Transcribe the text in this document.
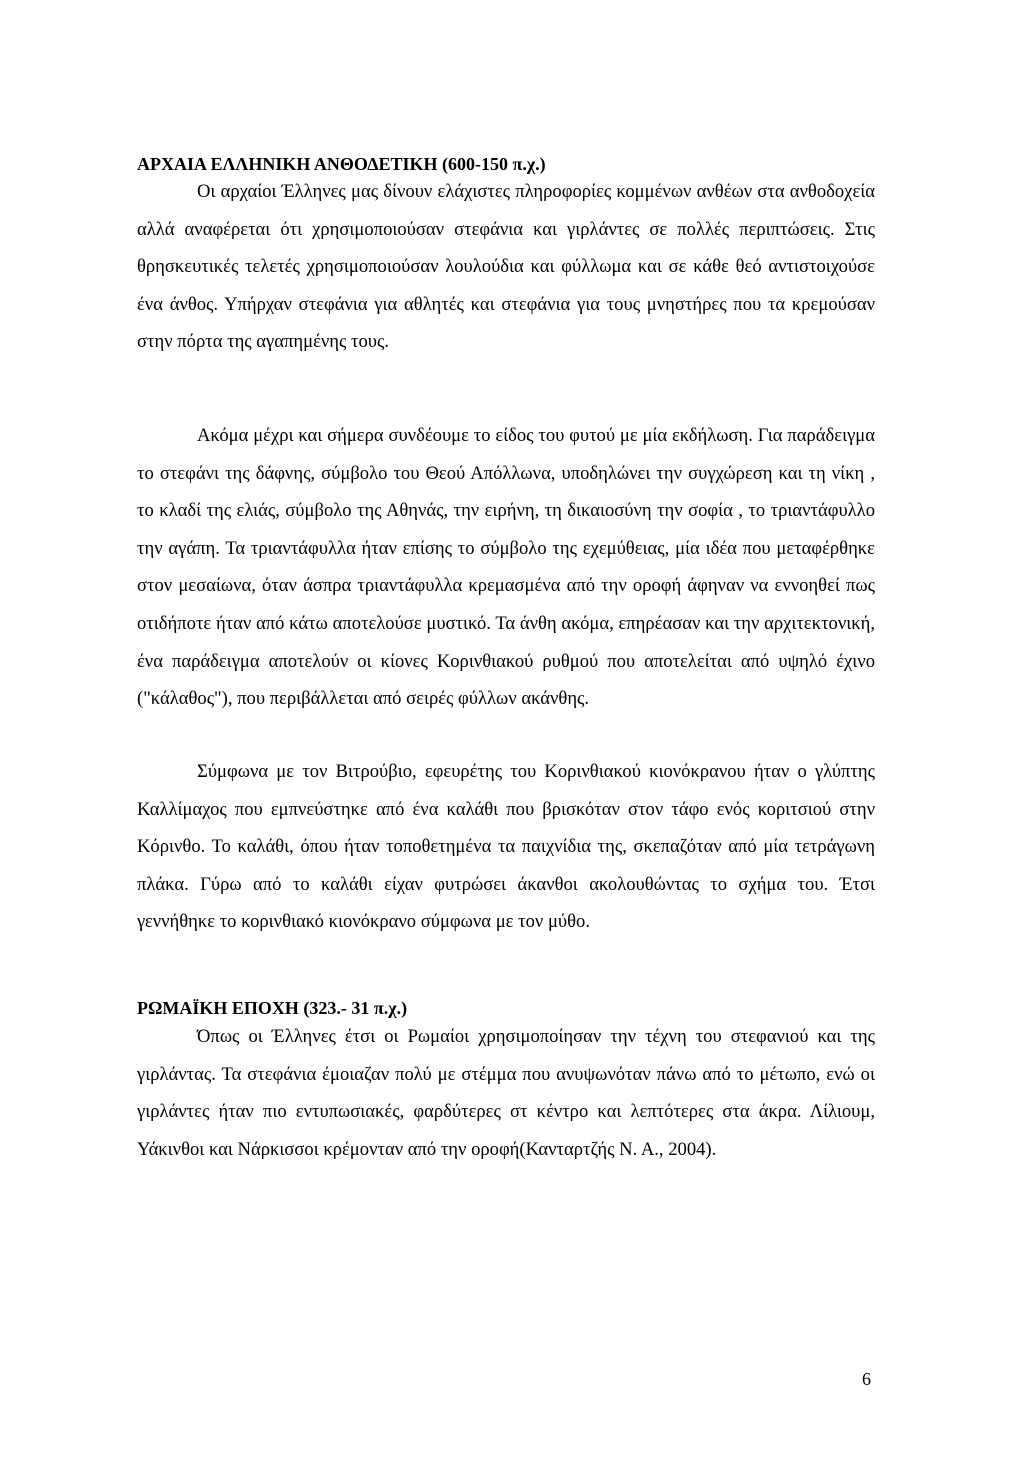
ΑΡΧΑΙΑ ΕΛΛΗΝΙΚΗ ΑΝΘΟΔΕΤΙΚΗ (600-150 π.χ.)

Οι αρχαίοι Έλληνες μας δίνουν ελάχιστες πληροφορίες κομμένων ανθέων στα ανθοδοχεία αλλά αναφέρεται ότι χρησιμοποιούσαν στεφάνια και γιρλάντες σε πολλές περιπτώσεις. Στις θρησκευτικές τελετές χρησιμοποιούσαν λουλούδια και φύλλωμα και σε κάθε θεό αντιστοιχούσε ένα άνθος. Υπήρχαν στεφάνια για αθλητές και στεφάνια για τους μνηστήρες που τα κρεμούσαν στην πόρτα της αγαπημένης τους.

Ακόμα μέχρι και σήμερα συνδέουμε το είδος του φυτού με μία εκδήλωση. Για παράδειγμα το στεφάνι της δάφνης, σύμβολο του Θεού Απόλλωνα, υποδηλώνει την συγχώρεση και τη νίκη , το κλαδί της ελιάς, σύμβολο της Αθηνάς, την ειρήνη, τη δικαιοσύνη την σοφία , το τριαντάφυλλο την αγάπη. Τα τριαντάφυλλα ήταν επίσης το σύμβολο της εχεμύθειας, μία ιδέα που μεταφέρθηκε στον μεσαίωνα, όταν άσπρα τριαντάφυλλα κρεμασμένα από την οροφή άφηναν να εννοηθεί πως οτιδήποτε ήταν από κάτω αποτελούσε μυστικό. Τα άνθη ακόμα, επηρέασαν και την αρχιτεκτονική, ένα παράδειγμα αποτελούν οι κίονες Κορινθιακού ρυθμού που αποτελείται από υψηλό έχινο ("κάλαθος"), που περιβάλλεται από σειρές φύλλων ακάνθης.

Σύμφωνα με τον Βιτρούβιο, εφευρέτης του Κορινθιακού κιονόκρανου ήταν ο γλύπτης Καλλίμαχος που εμπνεύστηκε από ένα καλάθι που βρισκόταν στον τάφο ενός κοριτσιού στην Κόρινθο. Το καλάθι, όπου ήταν τοποθετημένα τα παιχνίδια της, σκεπαζόταν από μία τετράγωνη πλάκα. Γύρω από το καλάθι είχαν φυτρώσει άκανθοι ακολουθώντας το σχήμα του. Έτσι γεννήθηκε το κορινθιακό κιονόκρανο σύμφωνα με τον μύθο.

ΡΩΜΑΪΚΗ ΕΠΟΧΗ (323.- 31 π.χ.)

Όπως οι Έλληνες έτσι οι Ρωμαίοι χρησιμοποίησαν την τέχνη του στεφανιού και της γιρλάντας. Τα στεφάνια έμοιαζαν πολύ με στέμμα που ανυψωνόταν πάνω από το μέτωπο, ενώ οι γιρλάντες ήταν πιο εντυπωσιακές, φαρδύτερες στ κέντρο και λεπτότερες στα άκρα. Λίλιουμ, Υάκινθοι και Νάρκισσοι κρέμονταν από την οροφή(Κανταρτζής Ν. Α., 2004).

6
